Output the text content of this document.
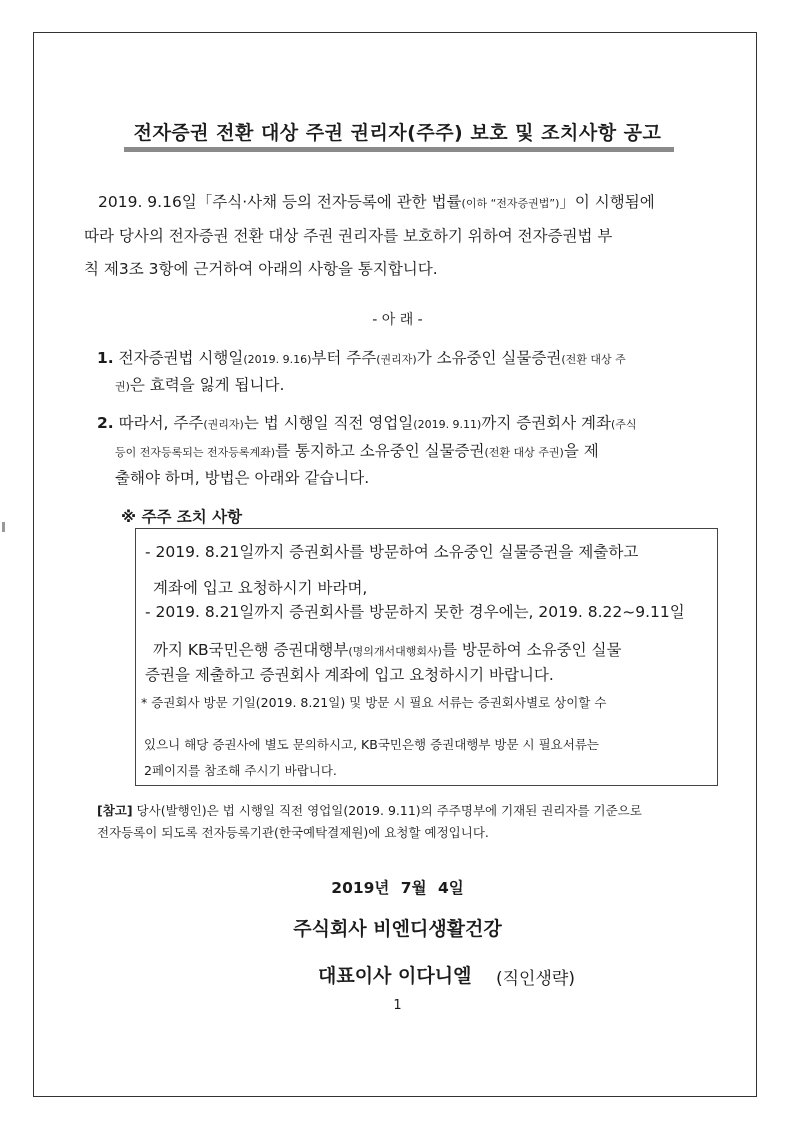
전자증권 전환 대상 주권 권리자(주주) 보호 및 조치사항 공고
2019. 9.16일「주식·사채 등의 전자등록에 관한 법률(이하 “전자증권법”)」이 시행됨에
따라 당사의 전자증권 전환 대상 주권 권리자를 보호하기 위하여 전자증권법 부
칙 제3조 3항에 근거하여 아래의 사항을 통지합니다.
- 아 래 -
1. 전자증권법 시행일(2019. 9.16)부터 주주(권리자)가 소유중인 실물증권(전환 대상 주
권)은 효력을 잃게 됩니다.
2. 따라서, 주주(권리자)는 법 시행일 직전 영업일(2019. 9.11)까지 증권회사 계좌(주식
등이 전자등록되는 전자등록계좌)를 통지하고 소유중인 실물증권(전환 대상 주권)을 제
출해야 하며, 방법은 아래와 같습니다.
※ 주주 조치 사항
- 2019. 8.21일까지 증권회사를 방문하여 소유중인 실물증권을 제출하고
계좌에 입고 요청하시기 바라며,
- 2019. 8.21일까지 증권회사를 방문하지 못한 경우에는, 2019. 8.22~9.11일
까지 KB국민은행 증권대행부(명의개서대행회사)를 방문하여 소유중인 실물
증권을 제출하고 증권회사 계좌에 입고 요청하시기 바랍니다.
* 증권회사 방문 기일(2019. 8.21일) 및 방문 시 필요 서류는 증권회사별로 상이할 수
있으니 해당 증권사에 별도 문의하시고, KB국민은행 증권대행부 방문 시 필요서류는
2페이지를 참조해 주시기 바랍니다.
[참고] 당사(발행인)은 법 시행일 직전 영업일(2019. 9.11)의 주주명부에 기재된 권리자를 기준으로
전자등록이 되도록 전자등록기관(한국예탁결제원)에 요청할 예정입니다.
2019년 7월 4일
주식회사 비엔디생활건강
대표이사 이다니엘 (직인생략)
1
